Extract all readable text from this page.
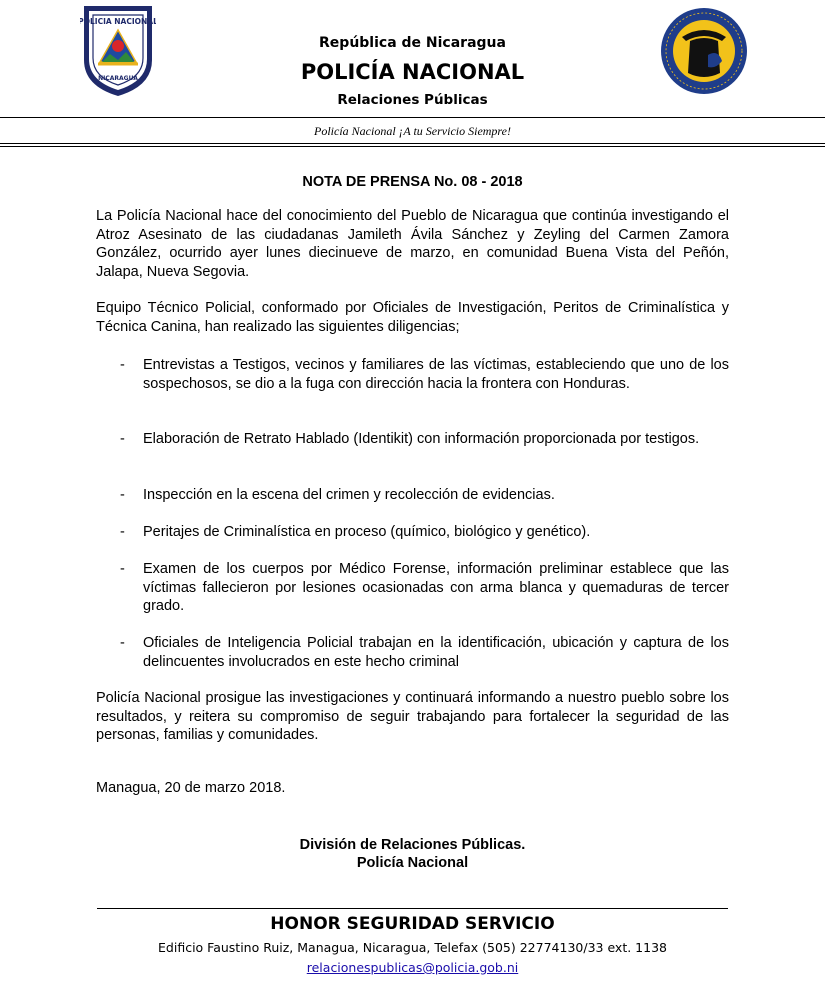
POLICIA NACIONAL
NICARAGUA
República de Nicaragua
POLICÍA NACIONAL
Relaciones Públicas
Policía Nacional ¡A tu Servicio Siempre!
NOTA DE PRENSA No. 08 - 2018
La Policía Nacional hace del conocimiento del Pueblo de Nicaragua que continúa investigando el Atroz Asesinato de las ciudadanas Jamileth Ávila Sánchez y Zeyling del Carmen Zamora González, ocurrido ayer lunes diecinueve de marzo, en comunidad Buena Vista del Peñón, Jalapa, Nueva Segovia.
Equipo Técnico Policial, conformado por Oficiales de Investigación, Peritos de Criminalística y Técnica Canina, han realizado las siguientes diligencias;
- Entrevistas a Testigos, vecinos y familiares de las víctimas, estableciendo que uno de los sospechosos, se dio a la fuga con dirección hacia la frontera con Honduras.
- Elaboración de Retrato Hablado (Identikit) con información proporcionada por testigos.
- Inspección en la escena del crimen y recolección de evidencias.
- Peritajes de Criminalística en proceso (químico, biológico y genético).
- Examen de los cuerpos por Médico Forense, información preliminar establece que las víctimas fallecieron por lesiones ocasionadas con arma blanca y quemaduras de tercer grado.
- Oficiales de Inteligencia Policial trabajan en la identificación, ubicación y captura de los delincuentes involucrados en este hecho criminal
Policía Nacional prosigue las investigaciones y continuará informando a nuestro pueblo sobre los resultados, y reitera su compromiso de seguir trabajando para fortalecer la seguridad de las personas, familias y comunidades.
Managua, 20 de marzo 2018.
División de Relaciones Públicas.
Policía Nacional
HONOR SEGURIDAD SERVICIO
Edificio Faustino Ruiz, Managua, Nicaragua, Telefax (505) 22774130/33 ext. 1138
relacionespublicas@policia.gob.ni
